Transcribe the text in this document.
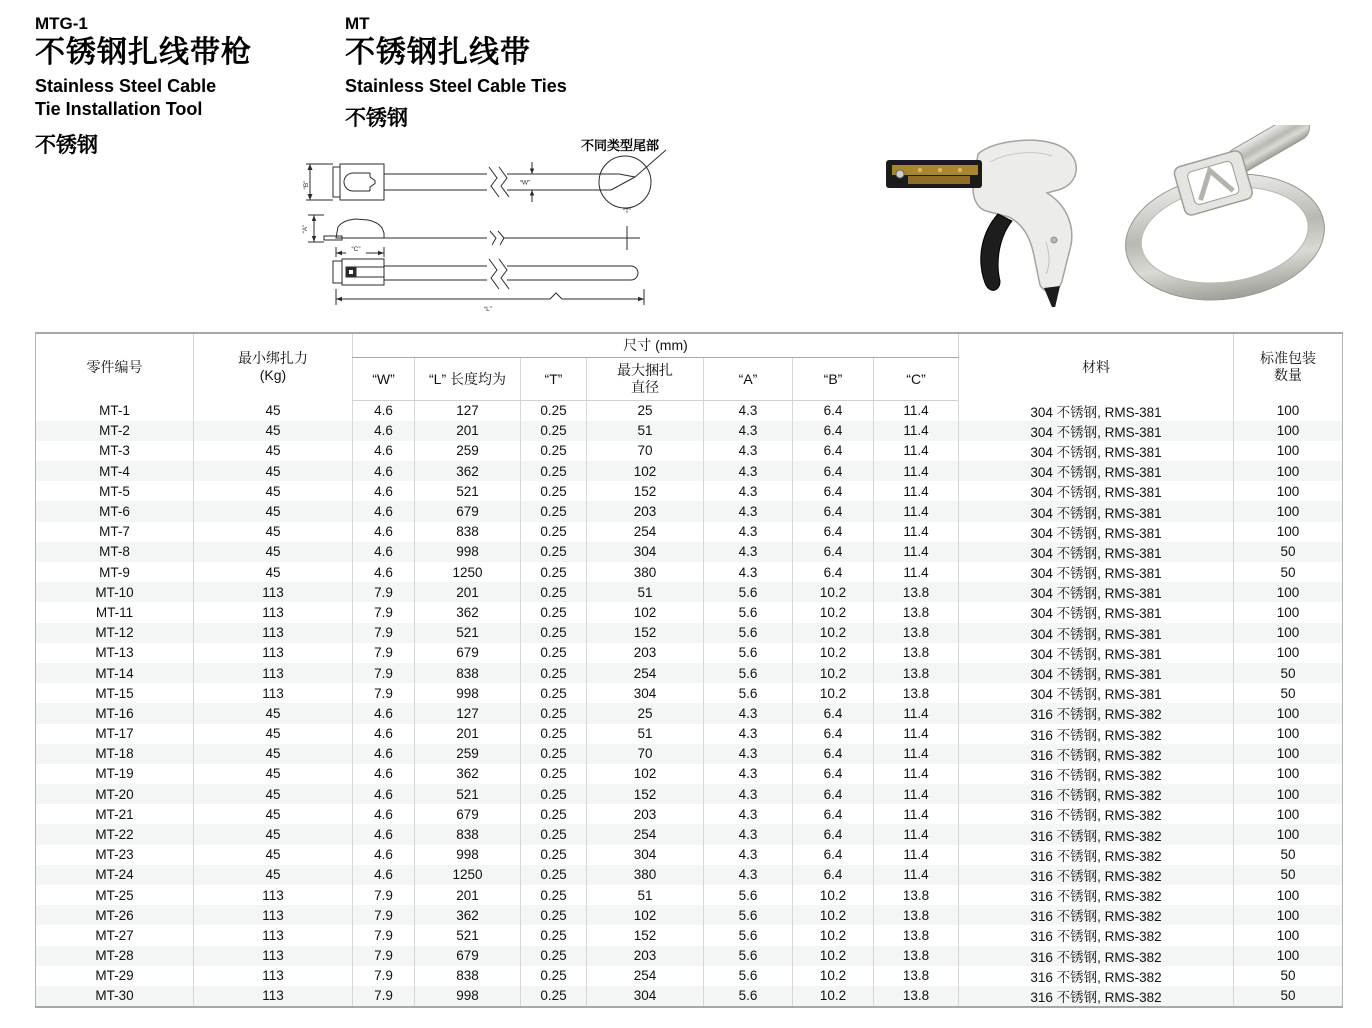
MTG-1
不锈钢扎线带枪
Stainless Steel Cable
Tie Installation Tool
不锈钢
MT
不锈钢扎线带
Stainless Steel Cable Ties
不锈钢
不同类型尾部
“B”	“W”
“T”
“A”
“C”
“L”
零件编号	
最小绑扎力
(Kg)
	尺寸 (mm)	材料	
标准包装
数量

		“W”	“L” 长度均为	“T”	最大捆扎
直径	“A”	“B”	“C”		
MT-1	45	4.6	127	0.25	25	4.3	6.4	11.4	304 不锈钢, RMS-381	100
MT-2	45	4.6	201	0.25	51	4.3	6.4	11.4	304 不锈钢, RMS-381	100
MT-3	45	4.6	259	0.25	70	4.3	6.4	11.4	304 不锈钢, RMS-381	100
MT-4	45	4.6	362	0.25	102	4.3	6.4	11.4	304 不锈钢, RMS-381	100
MT-5	45	4.6	521	0.25	152	4.3	6.4	11.4	304 不锈钢, RMS-381	100
MT-6	45	4.6	679	0.25	203	4.3	6.4	11.4	304 不锈钢, RMS-381	100
MT-7	45	4.6	838	0.25	254	4.3	6.4	11.4	304 不锈钢, RMS-381	100
MT-8	45	4.6	998	0.25	304	4.3	6.4	11.4	304 不锈钢, RMS-381	50
MT-9	45	4.6	1250	0.25	380	4.3	6.4	11.4	304 不锈钢, RMS-381	50
MT-10	113	7.9	201	0.25	51	5.6	10.2	13.8	304 不锈钢, RMS-381	100
MT-11	113	7.9	362	0.25	102	5.6	10.2	13.8	304 不锈钢, RMS-381	100
MT-12	113	7.9	521	0.25	152	5.6	10.2	13.8	304 不锈钢, RMS-381	100
MT-13	113	7.9	679	0.25	203	5.6	10.2	13.8	304 不锈钢, RMS-381	100
MT-14	113	7.9	838	0.25	254	5.6	10.2	13.8	304 不锈钢, RMS-381	50
MT-15	113	7.9	998	0.25	304	5.6	10.2	13.8	304 不锈钢, RMS-381	50
MT-16	45	4.6	127	0.25	25	4.3	6.4	11.4	316 不锈钢, RMS-382	100
MT-17	45	4.6	201	0.25	51	4.3	6.4	11.4	316 不锈钢, RMS-382	100
MT-18	45	4.6	259	0.25	70	4.3	6.4	11.4	316 不锈钢, RMS-382	100
MT-19	45	4.6	362	0.25	102	4.3	6.4	11.4	316 不锈钢, RMS-382	100
MT-20	45	4.6	521	0.25	152	4.3	6.4	11.4	316 不锈钢, RMS-382	100
MT-21	45	4.6	679	0.25	203	4.3	6.4	11.4	316 不锈钢, RMS-382	100
MT-22	45	4.6	838	0.25	254	4.3	6.4	11.4	316 不锈钢, RMS-382	100
MT-23	45	4.6	998	0.25	304	4.3	6.4	11.4	316 不锈钢, RMS-382	50
MT-24	45	4.6	1250	0.25	380	4.3	6.4	11.4	316 不锈钢, RMS-382	50
MT-25	113	7.9	201	0.25	51	5.6	10.2	13.8	316 不锈钢, RMS-382	100
MT-26	113	7.9	362	0.25	102	5.6	10.2	13.8	316 不锈钢, RMS-382	100
MT-27	113	7.9	521	0.25	152	5.6	10.2	13.8	316 不锈钢, RMS-382	100
MT-28	113	7.9	679	0.25	203	5.6	10.2	13.8	316 不锈钢, RMS-382	100
MT-29	113	7.9	838	0.25	254	5.6	10.2	13.8	316 不锈钢, RMS-382	50
MT-30	113	7.9	998	0.25	304	5.6	10.2	13.8	316 不锈钢, RMS-382	50
